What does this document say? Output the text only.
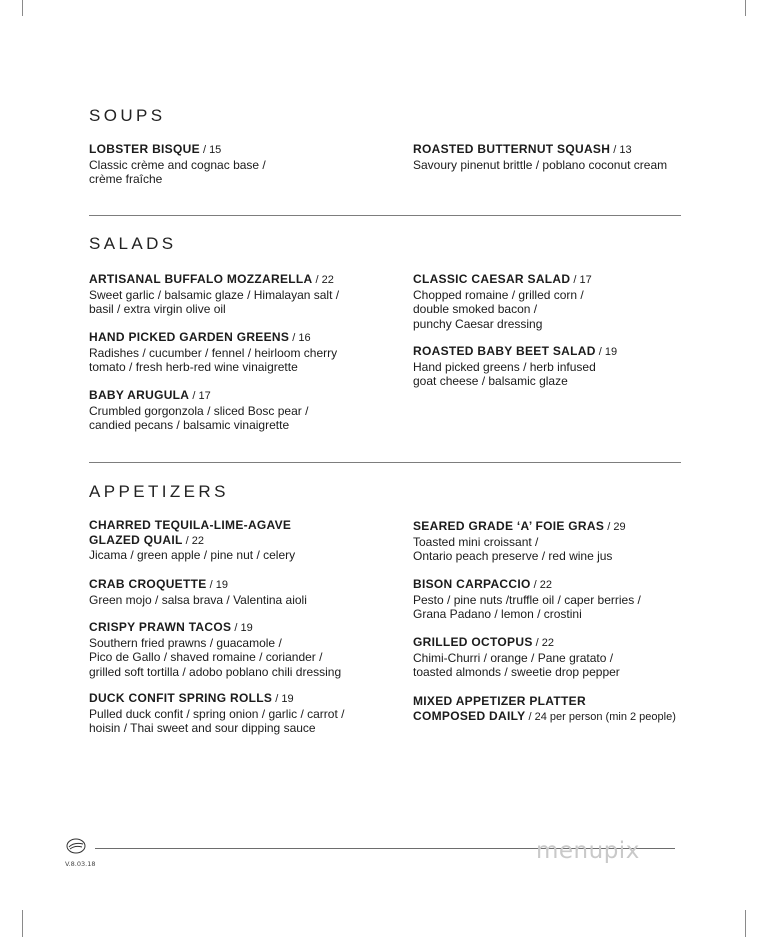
SOUPS
LOBSTER BISQUE / 15
Classic crème and cognac base /
crème fraîche
ROASTED BUTTERNUT SQUASH / 13
Savoury pinenut brittle / poblano coconut cream
SALADS
ARTISANAL BUFFALO MOZZARELLA / 22
Sweet garlic / balsamic glaze / Himalayan salt /
basil / extra virgin olive oil
HAND PICKED GARDEN GREENS / 16
Radishes / cucumber / fennel / heirloom cherry
tomato / fresh herb-red wine vinaigrette
BABY ARUGULA / 17
Crumbled gorgonzola / sliced Bosc pear /
candied pecans / balsamic vinaigrette
CLASSIC CAESAR SALAD / 17
Chopped romaine / grilled corn /
double smoked bacon /
punchy Caesar dressing
ROASTED BABY BEET SALAD / 19
Hand picked greens / herb infused
goat cheese / balsamic glaze
APPETIZERS
CHARRED TEQUILA-LIME-AGAVE
GLAZED QUAIL / 22
Jicama / green apple / pine nut / celery
CRAB CROQUETTE / 19
Green mojo / salsa brava / Valentina aioli
CRISPY PRAWN TACOS / 19
Southern fried prawns / guacamole /
Pico de Gallo / shaved romaine / coriander /
grilled soft tortilla / adobo poblano chili dressing
DUCK CONFIT SPRING ROLLS / 19
Pulled duck confit / spring onion / garlic / carrot /
hoisin / Thai sweet and sour dipping sauce
SEARED GRADE ‘A’ FOIE GRAS / 29
Toasted mini croissant /
Ontario peach preserve / red wine jus
BISON CARPACCIO / 22
Pesto / pine nuts /truffle oil / caper berries /
Grana Padano / lemon / crostini
GRILLED OCTOPUS / 22
Chimi-Churri / orange / Pane gratato /
toasted almonds / sweetie drop pepper
MIXED APPETIZER PLATTER
COMPOSED DAILY / 24 per person (min 2 people)
V.8.03.18	menupix
